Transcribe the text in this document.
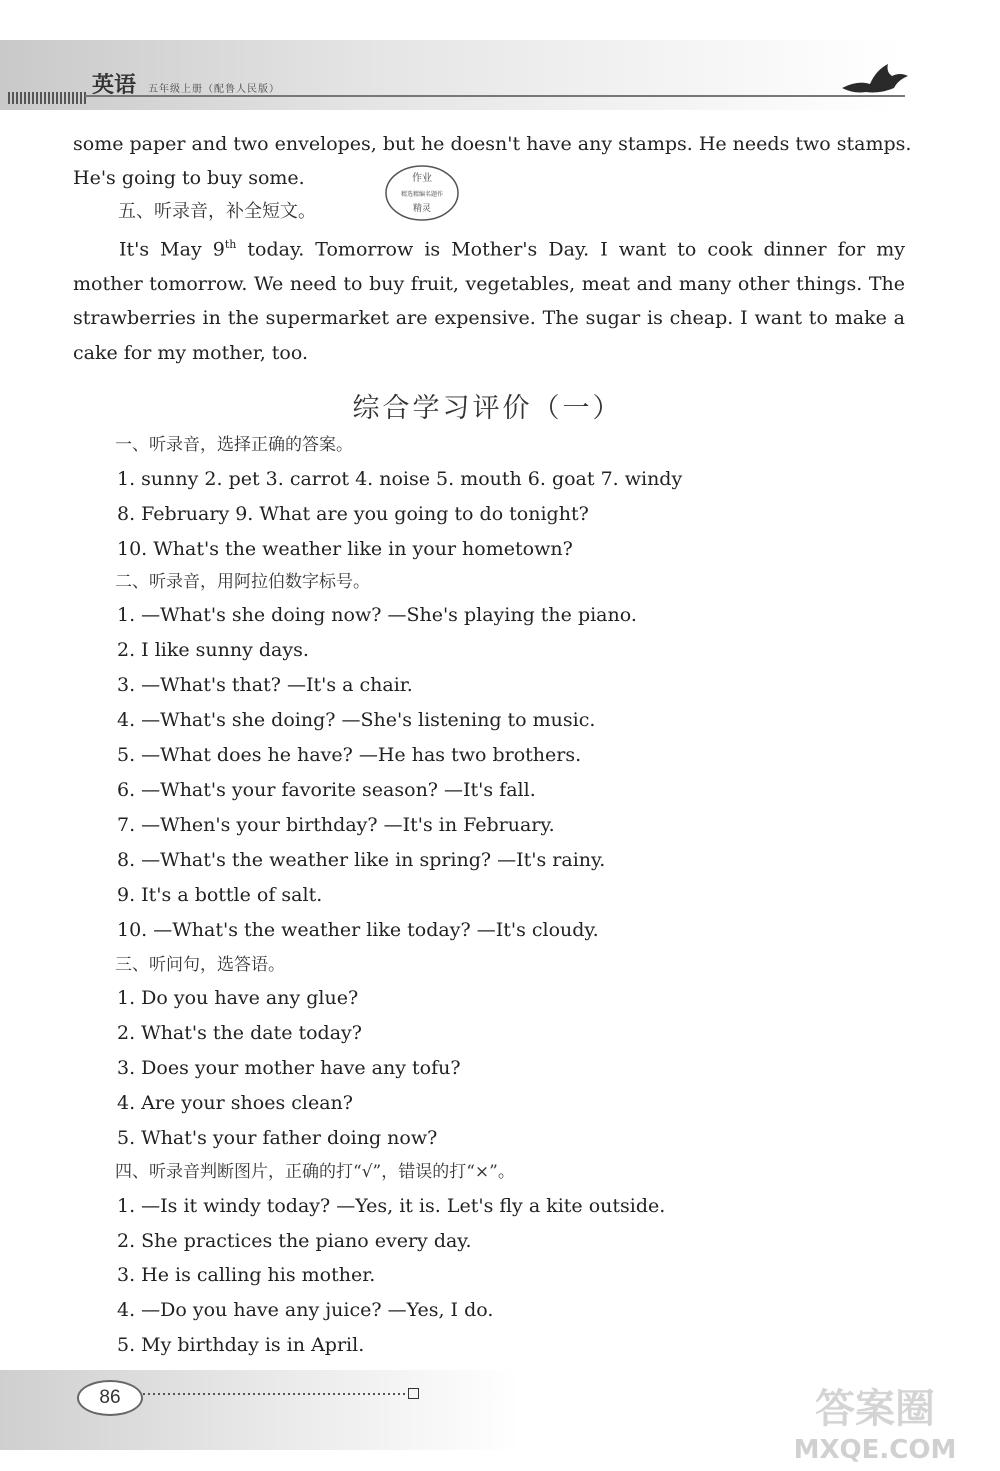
英语 五年级上册（配鲁人民版）
some paper and two envelopes, but he doesn't have any stamps. He needs two stamps.
He's going to buy some.	作业
精选精编名题作
精灵
五、听录音，补全短文。
It's May 9th today. Tomorrow is Mother's Day. I want to cook dinner for my mother tomorrow. We need to buy fruit, vegetables, meat and many other things. The strawberries in the supermarket are expensive. The sugar is cheap. I want to make a cake for my mother, too.
综合学习评价（一）
一、听录音，选择正确的答案。
1. sunny 2. pet 3. carrot 4. noise 5. mouth 6. goat 7. windy
8. February 9. What are you going to do tonight?
10. What's the weather like in your hometown?
二、听录音，用阿拉伯数字标号。
1. —What's she doing now? —She's playing the piano.
2. I like sunny days.
3. —What's that? —It's a chair.
4. —What's she doing? —She's listening to music.
5. —What does he have? —He has two brothers.
6. —What's your favorite season? —It's fall.
7. —When's your birthday? —It's in February.
8. —What's the weather like in spring? —It's rainy.
9. It's a bottle of salt.
10. —What's the weather like today? —It's cloudy.
三、听问句，选答语。
1. Do you have any glue?
2. What's the date today?
3. Does your mother have any tofu?
4. Are your shoes clean?
5. What's your father doing now?
四、听录音判断图片，正确的打“√”，错误的打“×”。
1. —Is it windy today? —Yes, it is. Let's fly a kite outside.
2. She practices the piano every day.
3. He is calling his mother.
4. —Do you have any juice? —Yes, I do.
5. My birthday is in April.
86	答案圈
MXQE.COM
